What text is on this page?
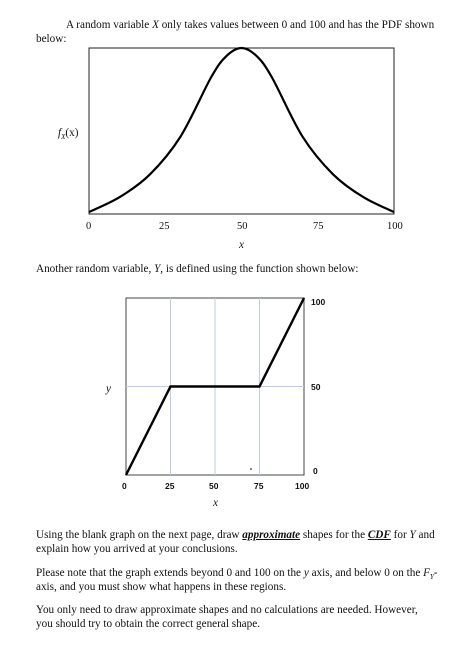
A random variable X only takes values between 0 and 100 and has the PDF shown
below:
$f_X(x)$
0	25	50	75	100
x
Another random variable, Y, is defined using the function shown below:
y
100
50
0
0	25	50	75	100
x
Using the blank graph on the next page, draw approximate shapes for the CDF for Y and
explain how you arrived at your conclusions.
Please note that the graph extends beyond 0 and 100 on the y axis, and below 0 on the $F_Y-$
axis, and you must show what happens in these regions.
You only need to draw approximate shapes and no calculations are needed. However,
you should try to obtain the correct general shape.
